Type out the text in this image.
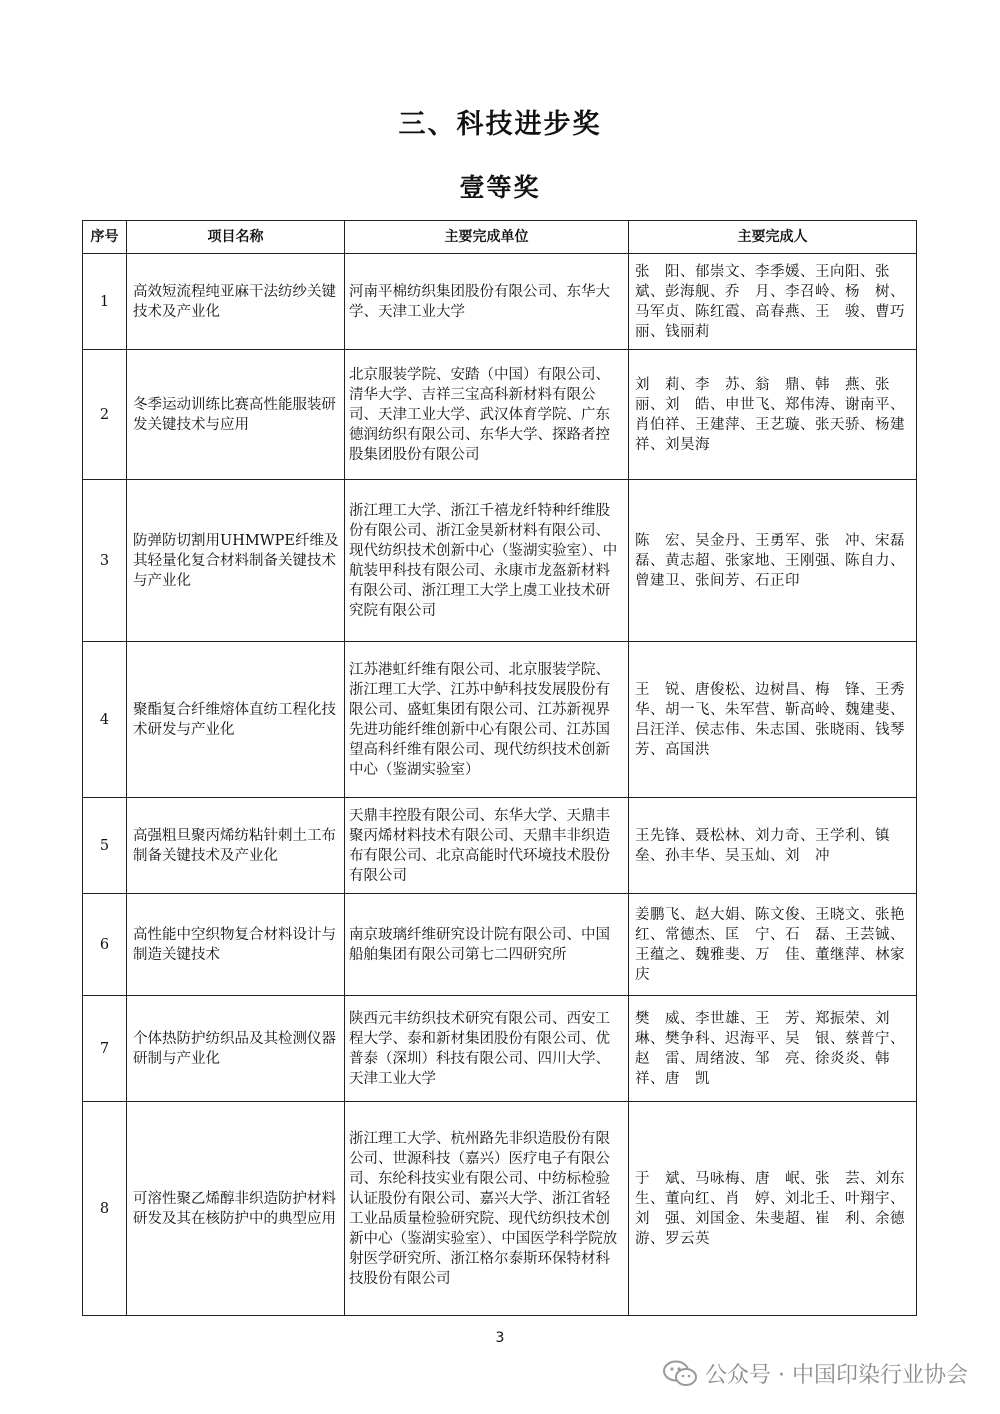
三、科技进步奖
壹等奖
序号	项目名称	主要完成单位	主要完成人
1	高效短流程纯亚麻干法纺纱关键技术及产业化	河南平棉纺织集团股份有限公司、东华大学、天津工业大学	张　阳、郁崇文、李季媛、王向阳、张　斌、彭海舰、乔　月、李召岭、杨　树、马军贞、陈红霞、高春燕、王　骏、曹巧丽、钱丽莉
2	冬季运动训练比赛高性能服装研发关键技术与应用	北京服装学院、安踏（中国）有限公司、清华大学、吉祥三宝高科新材料有限公司、天津工业大学、武汉体育学院、广东德润纺织有限公司、东华大学、探路者控股集团股份有限公司	刘　莉、李　苏、翁　鼎、韩　燕、张　丽、刘　皓、申世飞、郑伟涛、谢南平、肖伯祥、王建萍、王艺璇、张天骄、杨建祥、刘昊海
3	防弹防切割用UHMWPE纤维及其轻量化复合材料制备关键技术与产业化	浙江理工大学、浙江千禧龙纤特种纤维股份有限公司、浙江金昊新材料有限公司、现代纺织技术创新中心（鉴湖实验室）、中航装甲科技有限公司、永康市龙盔新材料有限公司、浙江理工大学上虞工业技术研究院有限公司	陈　宏、吴金丹、王勇军、张　冲、宋磊磊、黄志超、张家地、王刚强、陈自力、曾建卫、张间芳、石正印
4	聚酯复合纤维熔体直纺工程化技术研发与产业化	江苏港虹纤维有限公司、北京服装学院、浙江理工大学、江苏中鲈科技发展股份有限公司、盛虹集团有限公司、江苏新视界先进功能纤维创新中心有限公司、江苏国望高科纤维有限公司、现代纺织技术创新中心（鉴湖实验室）	王　锐、唐俊松、边树昌、梅　锋、王秀华、胡一飞、朱军营、靳高岭、魏建斐、吕汪洋、侯志伟、朱志国、张晓雨、钱琴芳、高国洪
5	高强粗旦聚丙烯纺粘针刺土工布制备关键技术及产业化	天鼎丰控股有限公司、东华大学、天鼎丰聚丙烯材料技术有限公司、天鼎丰非织造布有限公司、北京高能时代环境技术股份有限公司	王先锋、聂松林、刘力奇、王学利、镇　垒、孙丰华、吴玉灿、刘　冲
6	高性能中空织物复合材料设计与制造关键技术	南京玻璃纤维研究设计院有限公司、中国船舶集团有限公司第七二四研究所	姜鹏飞、赵大娟、陈文俊、王晓文、张艳红、常德杰、匡　宁、石　磊、王芸铖、王蕴之、魏雅斐、万　佳、董继萍、林家庆
7	个体热防护纺织品及其检测仪器研制与产业化	陕西元丰纺织技术研究有限公司、西安工程大学、泰和新材集团股份有限公司、优普泰（深圳）科技有限公司、四川大学、天津工业大学	樊　威、李世雄、王　芳、郑振荣、刘　琳、樊争科、迟海平、吴　银、蔡普宁、赵　雷、周绪波、邹　亮、徐炎炎、韩　祥、唐　凯
8	可溶性聚乙烯醇非织造防护材料研发及其在核防护中的典型应用	浙江理工大学、杭州路先非织造股份有限公司、世源科技（嘉兴）医疗电子有限公司、东纶科技实业有限公司、中纺标检验认证股份有限公司、嘉兴大学、浙江省轻工业品质量检验研究院、现代纺织技术创新中心（鉴湖实验室）、中国医学科学院放射医学研究所、浙江格尔泰斯环保特材科技股份有限公司	于　斌、马咏梅、唐　岷、张　芸、刘东生、董向红、肖　婷、刘北壬、叶翔宇、刘　强、刘国金、朱斐超、崔　利、余德游、罗云英
3
公众号 · 中国印染行业协会
